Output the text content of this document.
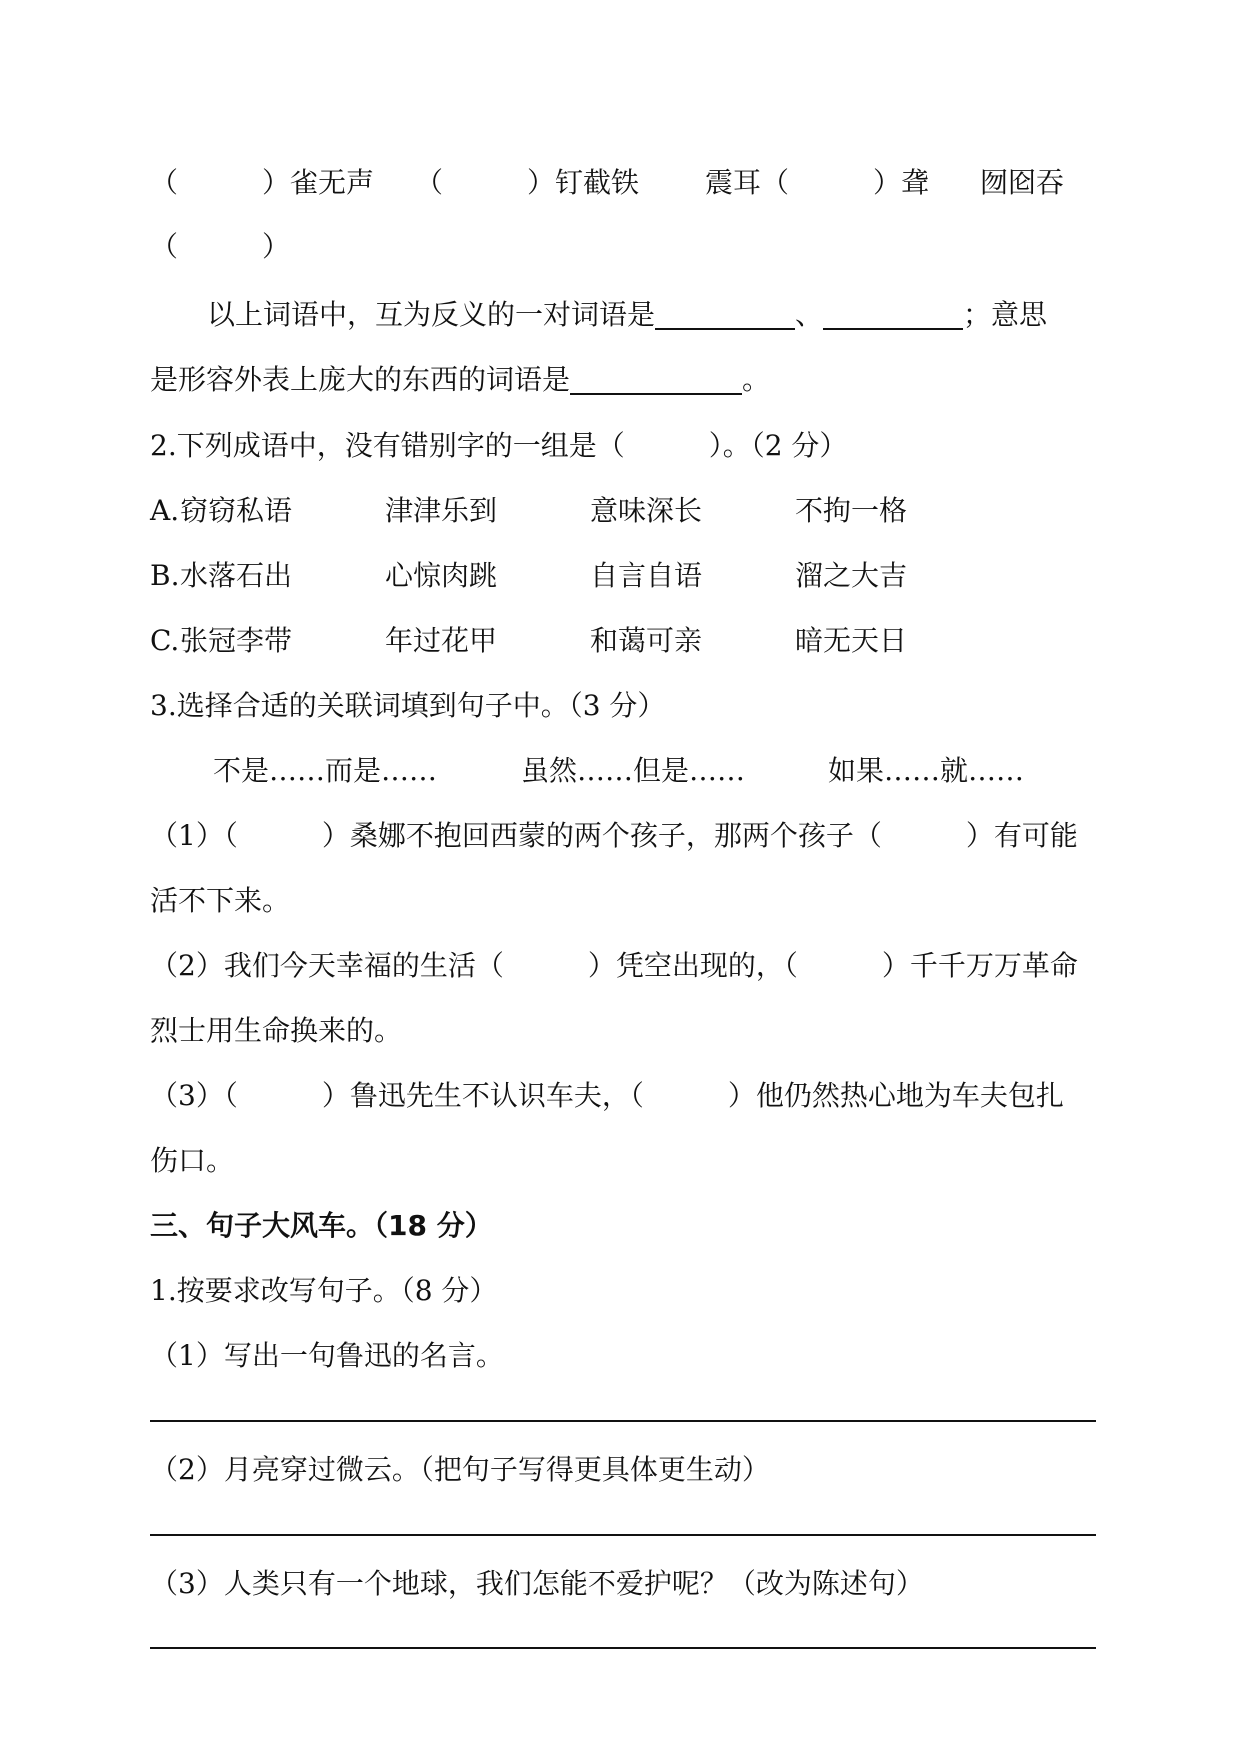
（　　　）雀无声 （　　　）钉截铁 震耳（　　　）聋 囫囵吞
（　　　）
以上词语中，互为反义的一对词语是	、	；意思
是形容外表上庞大的东西的词语是	。
2.下列成语中，没有错别字的一组是（　　　）。（2 分）
A. 窃窃私语	津津乐到	意味深长	不拘一格
B. 水落石出	心惊肉跳	自言自语	溜之大吉
C. 张冠李带	年过花甲	和蔼可亲	暗无天日
3.选择合适的关联词填到句子中。（3 分）
不是……而是……	虽然……但是……	如果……就……
（1）（　　　）桑娜不抱回西蒙的两个孩子，那两个孩子（　　　）有可能
活不下来。
（2）我们今天幸福的生活（　　　）凭空出现的，（　　　）千千万万革命
烈士用生命换来的。
（3）（　　　）鲁迅先生不认识车夫，（　　　）他仍然热心地为车夫包扎
伤口。
三、句子大风车。（18 分）
1.按要求改写句子。（8 分）
（1）写出一句鲁迅的名言。
（2）月亮穿过微云。（把句子写得更具体更生动）
（3）人类只有一个地球，我们怎能不爱护呢？（改为陈述句）
